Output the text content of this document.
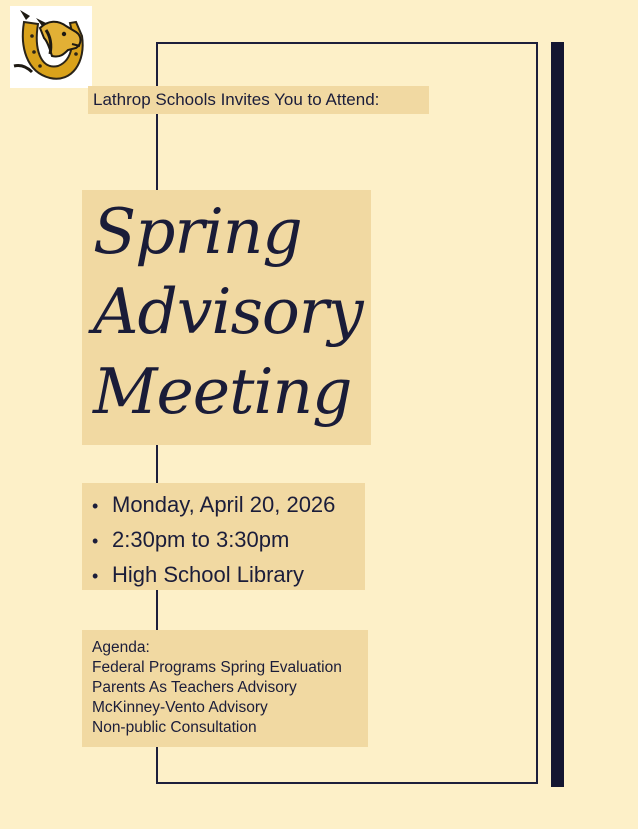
Lathrop Schools Invites You to Attend:
Spring
Advisory
Meeting
• Monday, April 20, 2026
• 2:30pm to 3:30pm
• High School Library
Agenda:
Federal Programs Spring Evaluation
Parents As Teachers Advisory
McKinney-Vento Advisory
Non-public Consultation
